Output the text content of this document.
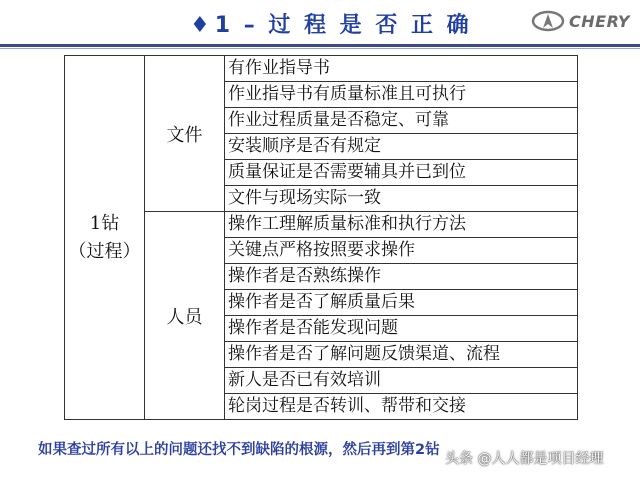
♦1 – 过 程 是 否 正 确	CHERY
1钻
（过程）	文件	有作业指导书
		作业指导书有质量标准且可执行
		作业过程质量是否稳定、可靠
		安装顺序是否有规定
		质量保证是否需要辅具并已到位
		文件与现场实际一致
	人员	操作工理解质量标准和执行方法
		关键点严格按照要求操作
		操作者是否熟练操作
		操作者是否了解质量后果
		操作者是否能发现问题
		操作者是否了解问题反馈渠道、流程
		新人是否已有效培训
		轮岗过程是否转训、帮带和交接
如果查过所有以上的问题还找不到缺陷的根源，然后再到第2钻
头条 @人人都是项目经理
